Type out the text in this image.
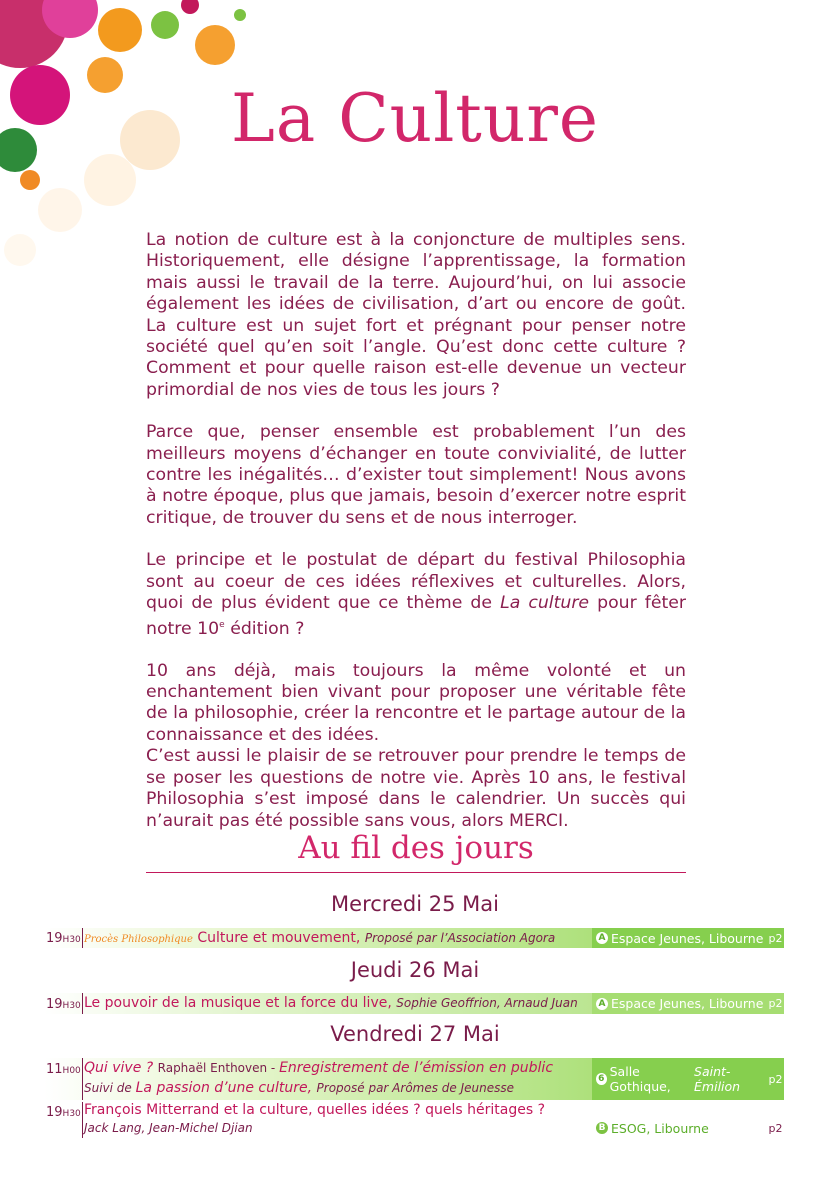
La Culture

La notion de culture est à la conjoncture de multiples sens. Historiquement, elle désigne l’apprentissage, la formation mais aussi le travail de la terre. Aujourd’hui, on lui associe également les idées de civilisation, d’art ou encore de goût. La culture est un sujet fort et prégnant pour penser notre société quel qu’en soit l’angle. Qu’est donc cette culture ? Comment et pour quelle raison est-elle devenue un vecteur primordial de nos vies de tous les jours ?

Parce que, penser ensemble est probablement l’un des meilleurs moyens d’échanger en toute convivialité, de lutter contre les inégalités… d’exister tout simplement! Nous avons à notre époque, plus que jamais, besoin d’exercer notre esprit critique, de trouver du sens et de nous interroger.

Le principe et le postulat de départ du festival Philosophia sont au coeur de ces idées réflexives et culturelles. Alors, quoi de plus évident que ce thème de La culture pour fêter notre 10e édition ?

10 ans déjà, mais toujours la même volonté et un enchantement bien vivant pour proposer une véritable fête de la philosophie, créer la rencontre et le partage autour de la connaissance et des idées.

C’est aussi le plaisir de se retrouver pour prendre le temps de se poser les questions de notre vie. Après 10 ans, le festival Philosophia s’est imposé dans le calendrier. Un succès qui n’aurait pas été possible sans vous, alors MERCI.

Au fil des jours
Mercredi 25 Mai
19H30 Procès Philosophique Culture et mouvement, Proposé par l’Association Agora	A Espace Jeunes, Libourne p2
Jeudi 26 Mai
19H30 Le pouvoir de la musique et la force du live, Sophie Geoffrion, Arnaud Juan A Espace Jeunes, Libourne p2
Vendredi 27 Mai
11H00 Qui vive ? Raphaël Enthoven - Enregistrement de l’émission en public
Suivi de La passion d’une culture, Proposé par Arômes de Jeunesse
6 Salle Gothique,
Saint-Émilion	p2
19H30 François Mitterrand et la culture, quelles idées ? quels héritages ?
Jack Lang, Jean-Michel Djian	B ESOG, Libourne	p2
